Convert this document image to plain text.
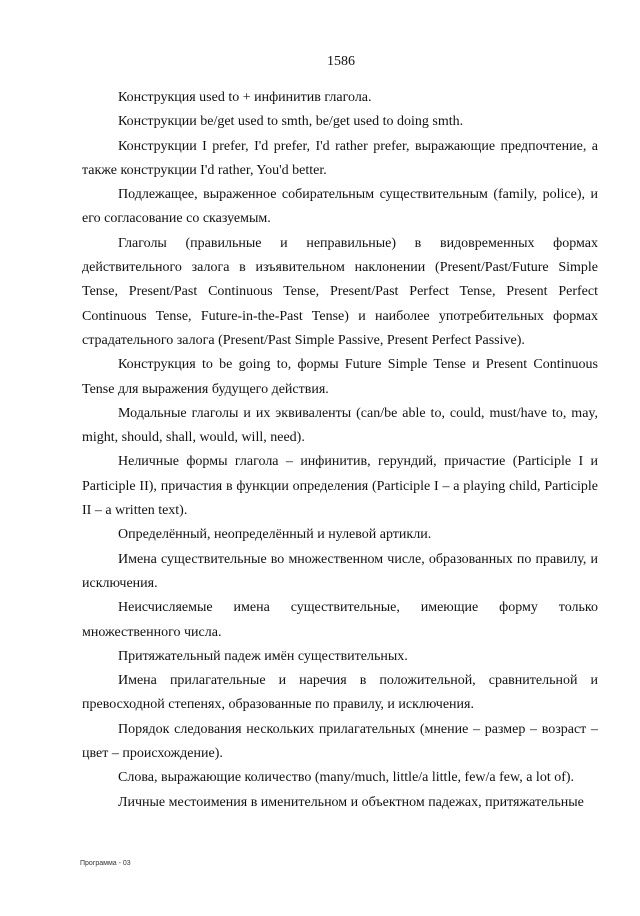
1586

Конструкция used to + инфинитив глагола.

Конструкции be/get used to smth, be/get used to doing smth.

Конструкции I prefer, I'd prefer, I'd rather prefer, выражающие предпочтение, а также конструкции I'd rather, You'd better.

Подлежащее, выраженное собирательным существительным (family, police), и его согласование со сказуемым.

Глаголы (правильные и неправильные) в видовременных формах действительного залога в изъявительном наклонении (Present/Past/Future Simple Tense, Present/Past Continuous Tense, Present/Past Perfect Tense, Present Perfect Continuous Tense, Future-in-the-Past Tense) и наиболее употребительных формах страдательного залога (Present/Past Simple Passive, Present Perfect Passive).

Конструкция to be going to, формы Future Simple Tense и Present Continuous Tense для выражения будущего действия.

Модальные глаголы и их эквиваленты (can/be able to, could, must/have to, may, might, should, shall, would, will, need).

Неличные формы глагола – инфинитив, герундий, причастие (Participle I и Participle II), причастия в функции определения (Participle I – a playing child, Participle II – a written text).

Определённый, неопределённый и нулевой артикли.

Имена существительные во множественном числе, образованных по правилу, и исключения.

Неисчисляемые имена существительные, имеющие форму только множественного числа.

Притяжательный падеж имён существительных.

Имена прилагательные и наречия в положительной, сравнительной и превосходной степенях, образованные по правилу, и исключения.

Порядок следования нескольких прилагательных (мнение – размер – возраст – цвет – происхождение).

Слова, выражающие количество (many/much, little/a little, few/a few, a lot of).

Личные местоимения в именительном и объектном падежах, притяжательные

Программа - 03
